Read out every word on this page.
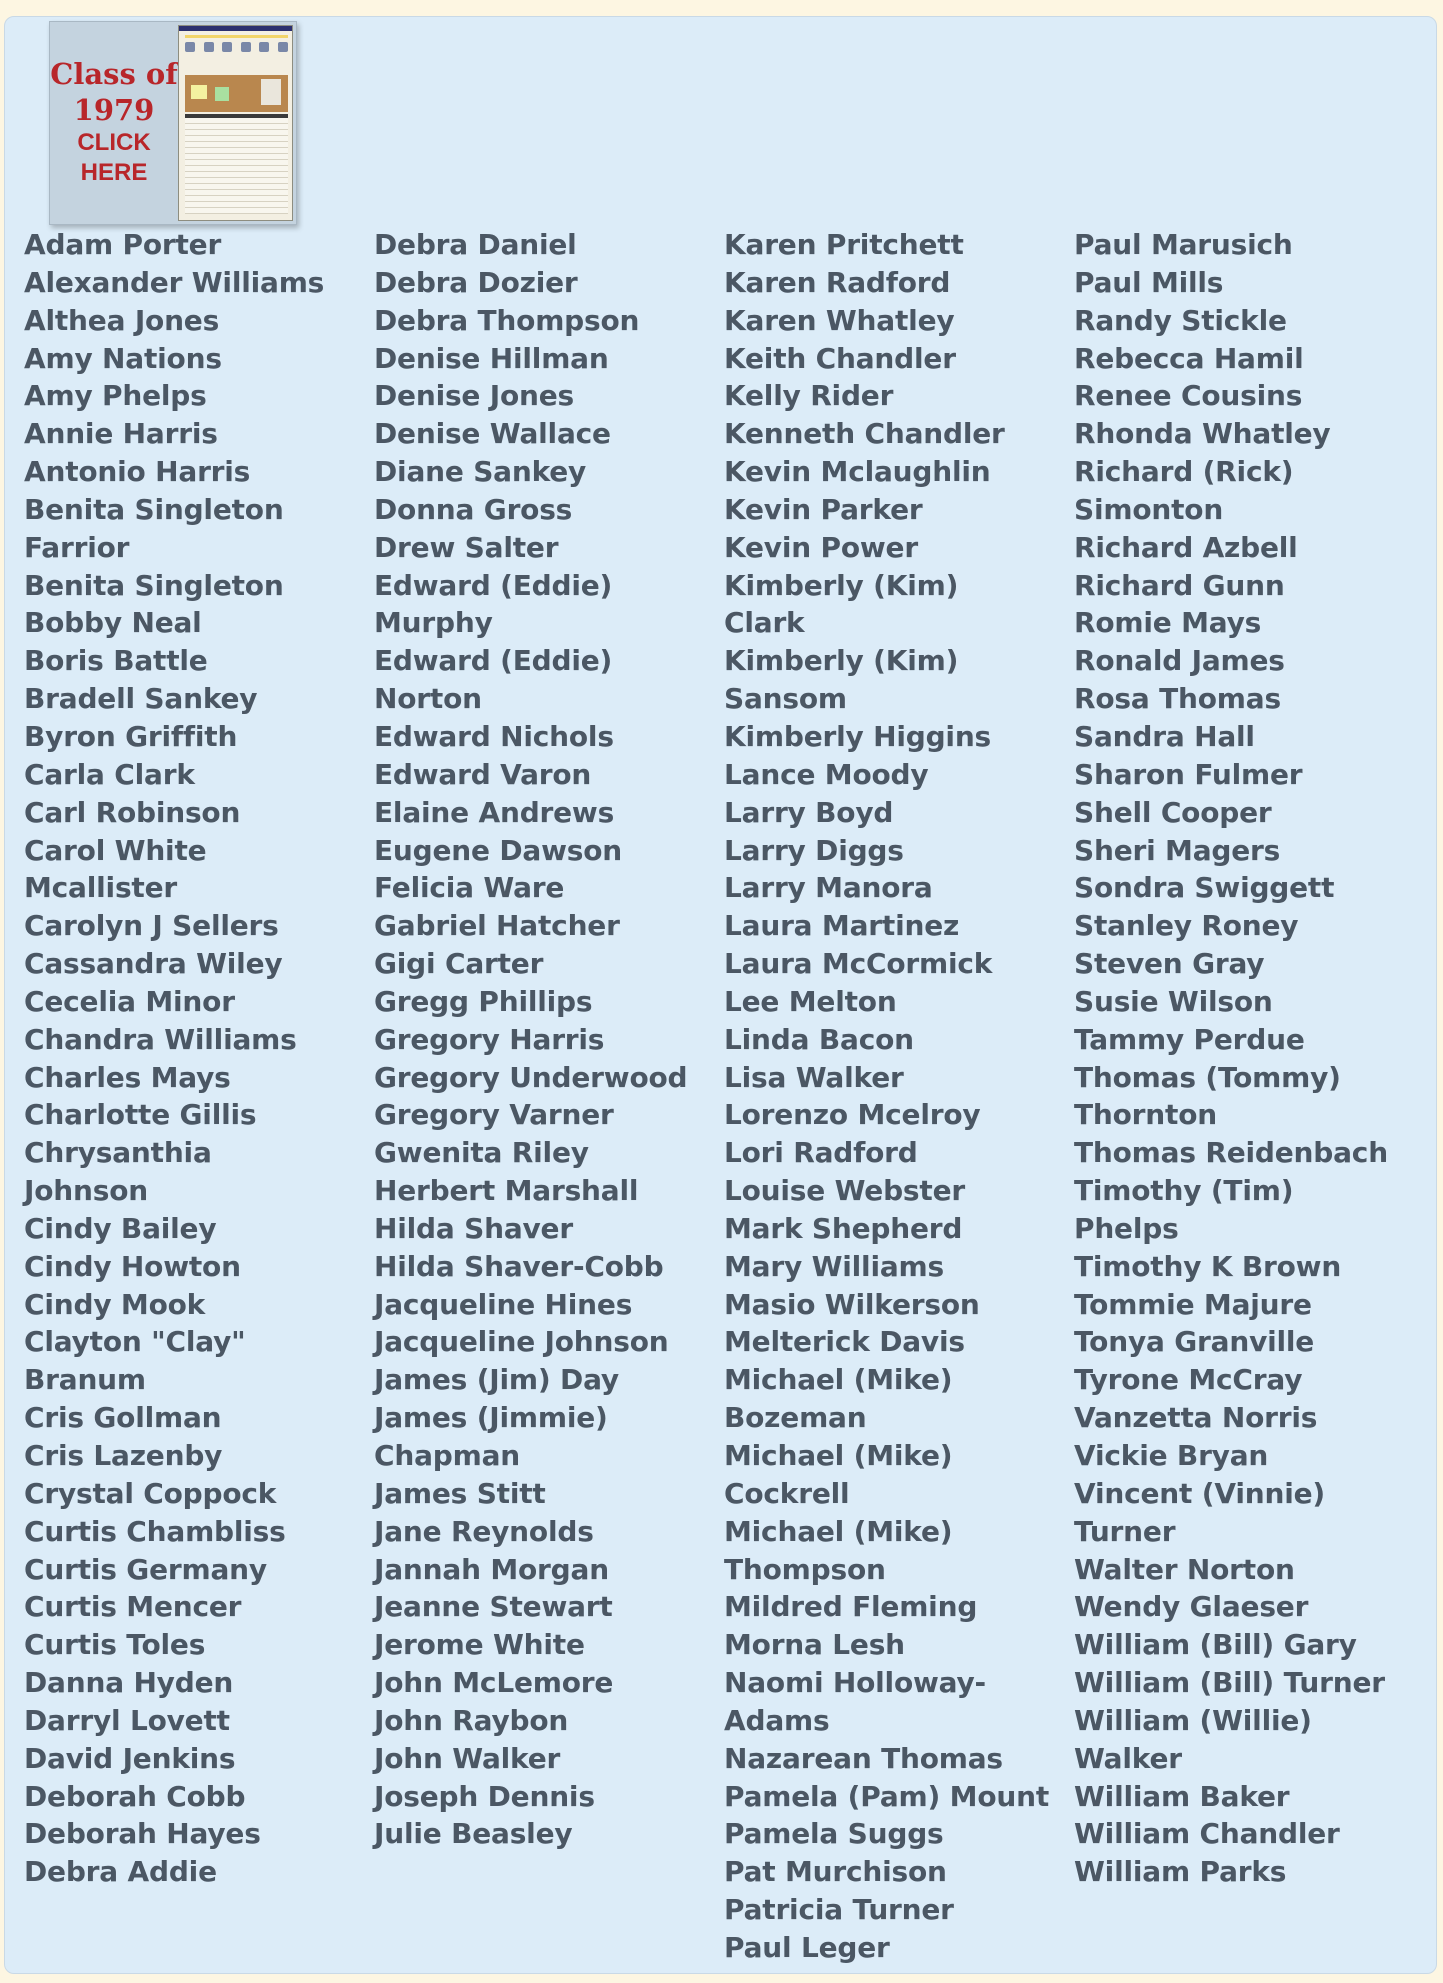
Class of
1979
CLICK
HERE
Adam Porter
Alexander Williams
Althea Jones
Amy Nations
Amy Phelps
Annie Harris
Antonio Harris
Benita Singleton
Farrior
Benita Singleton
Bobby Neal
Boris Battle
Bradell Sankey
Byron Griffith
Carla Clark
Carl Robinson
Carol White
Mcallister
Carolyn J Sellers
Cassandra Wiley
Cecelia Minor
Chandra Williams
Charles Mays
Charlotte Gillis
Chrysanthia
Johnson
Cindy Bailey
Cindy Howton
Cindy Mook
Clayton "Clay"
Branum
Cris Gollman
Cris Lazenby
Crystal Coppock
Curtis Chambliss
Curtis Germany
Curtis Mencer
Curtis Toles
Danna Hyden
Darryl Lovett
David Jenkins
Deborah Cobb
Deborah Hayes
Debra Addie
Debra Daniel
Debra Dozier
Debra Thompson
Denise Hillman
Denise Jones
Denise Wallace
Diane Sankey
Donna Gross
Drew Salter
Edward (Eddie)
Murphy
Edward (Eddie)
Norton
Edward Nichols
Edward Varon
Elaine Andrews
Eugene Dawson
Felicia Ware
Gabriel Hatcher
Gigi Carter
Gregg Phillips
Gregory Harris
Gregory Underwood
Gregory Varner
Gwenita Riley
Herbert Marshall
Hilda Shaver
Hilda Shaver-Cobb
Jacqueline Hines
Jacqueline Johnson
James (Jim) Day
James (Jimmie)
Chapman
James Stitt
Jane Reynolds
Jannah Morgan
Jeanne Stewart
Jerome White
John McLemore
John Raybon
John Walker
Joseph Dennis
Julie Beasley
Karen Pritchett
Karen Radford
Karen Whatley
Keith Chandler
Kelly Rider
Kenneth Chandler
Kevin Mclaughlin
Kevin Parker
Kevin Power
Kimberly (Kim)
Clark
Kimberly (Kim)
Sansom
Kimberly Higgins
Lance Moody
Larry Boyd
Larry Diggs
Larry Manora
Laura Martinez
Laura McCormick
Lee Melton
Linda Bacon
Lisa Walker
Lorenzo Mcelroy
Lori Radford
Louise Webster
Mark Shepherd
Mary Williams
Masio Wilkerson
Melterick Davis
Michael (Mike)
Bozeman
Michael (Mike)
Cockrell
Michael (Mike)
Thompson
Mildred Fleming
Morna Lesh
Naomi Holloway-
Adams
Nazarean Thomas
Pamela (Pam) Mount
Pamela Suggs
Pat Murchison
Patricia Turner
Paul Leger
Paul Marusich
Paul Mills
Randy Stickle
Rebecca Hamil
Renee Cousins
Rhonda Whatley
Richard (Rick)
Simonton
Richard Azbell
Richard Gunn
Romie Mays
Ronald James
Rosa Thomas
Sandra Hall
Sharon Fulmer
Shell Cooper
Sheri Magers
Sondra Swiggett
Stanley Roney
Steven Gray
Susie Wilson
Tammy Perdue
Thomas (Tommy)
Thornton
Thomas Reidenbach
Timothy (Tim)
Phelps
Timothy K Brown
Tommie Majure
Tonya Granville
Tyrone McCray
Vanzetta Norris
Vickie Bryan
Vincent (Vinnie)
Turner
Walter Norton
Wendy Glaeser
William (Bill) Gary
William (Bill) Turner
William (Willie)
Walker
William Baker
William Chandler
William Parks
